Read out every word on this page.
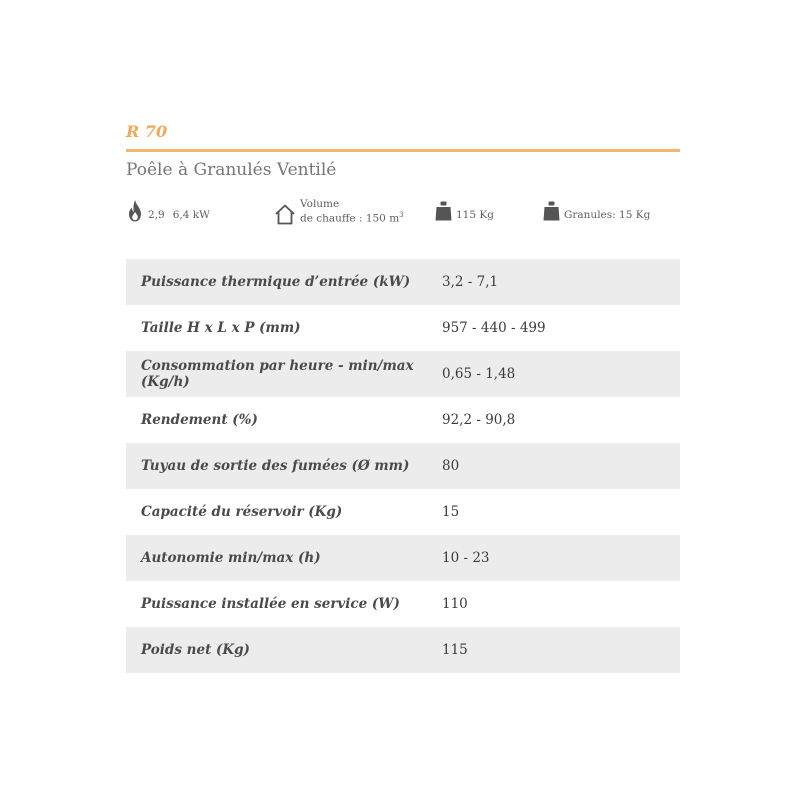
R 70
Poêle à Granulés Ventilé
2,9 6,4 kW
Volume
de chauffe : 150 $m^3$	115 Kg	Granules: 15 Kg
Puissance thermique d’entrée (kW)	3,2 - 7,1
Taille H x L x P (mm)	957 - 440 - 499
Consommation par heure - min/max (Kg/h)	0,65 - 1,48
Rendement (%)	92,2 - 90,8
Tuyau de sortie des fumées (Ø mm)	80
Capacité du réservoir (Kg)	15
Autonomie min/max (h)	10 - 23
Puissance installée en service (W)	110
Poids net (Kg)	115
